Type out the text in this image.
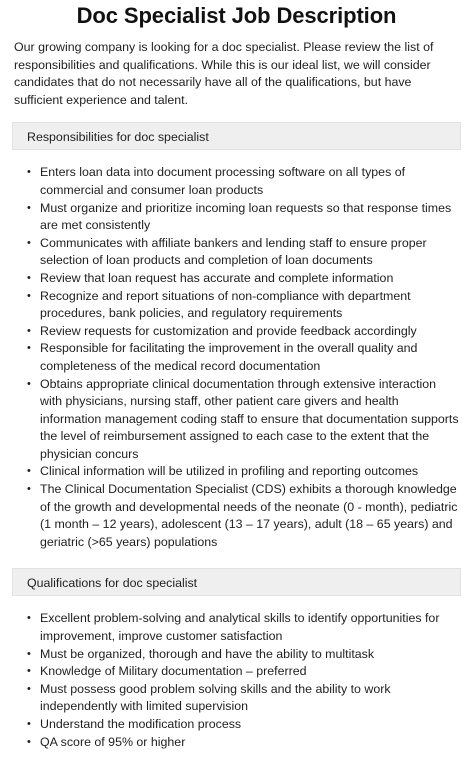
Doc Specialist Job Description

Our growing company is looking for a doc specialist. Please review the list of responsibilities and qualifications. While this is our ideal list, we will consider candidates that do not necessarily have all of the qualifications, but have sufficient experience and talent.

Responsibilities for doc specialist
• Enters loan data into document processing software on all types of commercial and consumer loan products
• Must organize and prioritize incoming loan requests so that response times are met consistently
• Communicates with affiliate bankers and lending staff to ensure proper selection of loan products and completion of loan documents
• Review that loan request has accurate and complete information
• Recognize and report situations of non-compliance with department procedures, bank policies, and regulatory requirements
• Review requests for customization and provide feedback accordingly
• Responsible for facilitating the improvement in the overall quality and completeness of the medical record documentation
• Obtains appropriate clinical documentation through extensive interaction with physicians, nursing staff, other patient care givers and health information management coding staff to ensure that documentation supports the level of reimbursement assigned to each case to the extent that the physician concurs
• Clinical information will be utilized in profiling and reporting outcomes
• The Clinical Documentation Specialist (CDS) exhibits a thorough knowledge of the growth and developmental needs of the neonate (0 - month), pediatric (1 month – 12 years), adolescent (13 – 17 years), adult (18 – 65 years) and geriatric (>65 years) populations
Qualifications for doc specialist
• Excellent problem-solving and analytical skills to identify opportunities for improvement, improve customer satisfaction
• Must be organized, thorough and have the ability to multitask
• Knowledge of Military documentation – preferred
• Must possess good problem solving skills and the ability to work independently with limited supervision
• Understand the modification process
• QA score of 95% or higher
